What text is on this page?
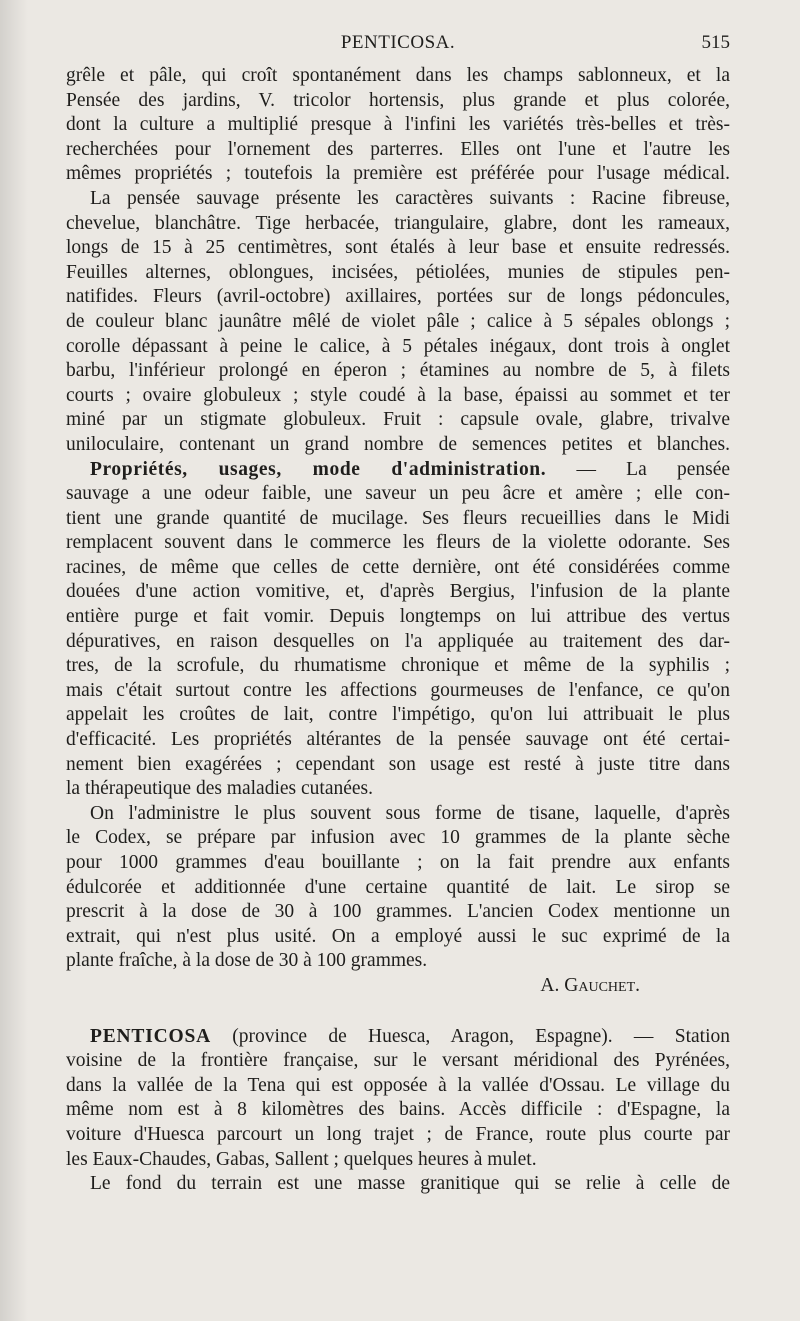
PENTICOSA.	515
grêle et pâle, qui croît spontanément dans les champs sablonneux, et la
Pensée des jardins, V. tricolor hortensis, plus grande et plus colorée,
dont la culture a multiplié presque à l'infini les variétés très-belles et très-
recherchées pour l'ornement des parterres. Elles ont l'une et l'autre les
mêmes propriétés ; toutefois la première est préférée pour l'usage médical.
La pensée sauvage présente les caractères suivants : Racine fibreuse,
chevelue, blanchâtre. Tige herbacée, triangulaire, glabre, dont les rameaux,
longs de 15 à 25 centimètres, sont étalés à leur base et ensuite redressés.
Feuilles alternes, oblongues, incisées, pétiolées, munies de stipules pen-
natifides. Fleurs (avril-octobre) axillaires, portées sur de longs pédoncules,
de couleur blanc jaunâtre mêlé de violet pâle ; calice à 5 sépales oblongs ;
corolle dépassant à peine le calice, à 5 pétales inégaux, dont trois à onglet
barbu, l'inférieur prolongé en éperon ; étamines au nombre de 5, à filets
courts ; ovaire globuleux ; style coudé à la base, épaissi au sommet et ter
miné par un stigmate globuleux. Fruit : capsule ovale, glabre, trivalve
uniloculaire, contenant un grand nombre de semences petites et blanches.
Propriétés, usages, mode d'administration. — La pensée
sauvage a une odeur faible, une saveur un peu âcre et amère ; elle con-
tient une grande quantité de mucilage. Ses fleurs recueillies dans le Midi
remplacent souvent dans le commerce les fleurs de la violette odorante. Ses
racines, de même que celles de cette dernière, ont été considérées comme
douées d'une action vomitive, et, d'après Bergius, l'infusion de la plante
entière purge et fait vomir. Depuis longtemps on lui attribue des vertus
dépuratives, en raison desquelles on l'a appliquée au traitement des dar-
tres, de la scrofule, du rhumatisme chronique et même de la syphilis ;
mais c'était surtout contre les affections gourmeuses de l'enfance, ce qu'on
appelait les croûtes de lait, contre l'impétigo, qu'on lui attribuait le plus
d'efficacité. Les propriétés altérantes de la pensée sauvage ont été certai-
nement bien exagérées ; cependant son usage est resté à juste titre dans
la thérapeutique des maladies cutanées.
On l'administre le plus souvent sous forme de tisane, laquelle, d'après
le Codex, se prépare par infusion avec 10 grammes de la plante sèche
pour 1000 grammes d'eau bouillante ; on la fait prendre aux enfants
édulcorée et additionnée d'une certaine quantité de lait. Le sirop se
prescrit à la dose de 30 à 100 grammes. L'ancien Codex mentionne un
extrait, qui n'est plus usité. On a employé aussi le suc exprimé de la
plante fraîche, à la dose de 30 à 100 grammes.
A. Gauchet.
PENTICOSA (province de Huesca, Aragon, Espagne). — Station
voisine de la frontière française, sur le versant méridional des Pyrénées,
dans la vallée de la Tena qui est opposée à la vallée d'Ossau. Le village du
même nom est à 8 kilomètres des bains. Accès difficile : d'Espagne, la
voiture d'Huesca parcourt un long trajet ; de France, route plus courte par
les Eaux-Chaudes, Gabas, Sallent ; quelques heures à mulet.
Le fond du terrain est une masse granitique qui se relie à celle de
